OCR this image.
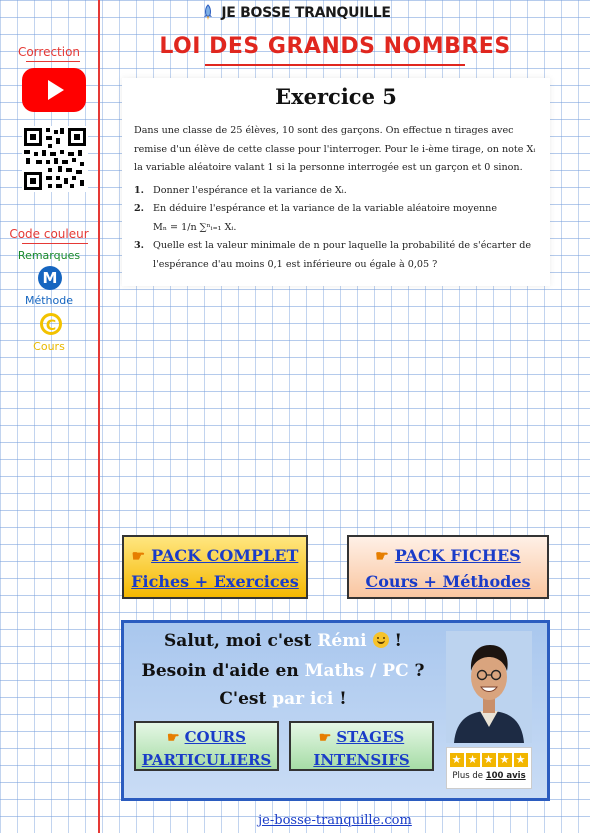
JE BOSSE TRANQUILLE
LOI DES GRANDS NOMBRES
Correction
Code couleur
Remarques
M
Méthode
C
Cours
Exercice 5

Dans une classe de 25 élèves, 10 sont des garçons. On effectue n tirages avec remise d'un élève de cette classe pour l'interroger. Pour le i-ème tirage, on note Xᵢ la variable aléatoire valant 1 si la personne interrogée est un garçon et 0 sinon.

1. Donner l'espérance et la variance de Xᵢ.

2. En déduire l'espérance et la variance de la variable aléatoire moyenne

Mₙ = 1/n ∑ⁿᵢ₌₁ Xᵢ.

3. Quelle est la valeur minimale de n pour laquelle la probabilité de s'écarter de l'espérance d'au moins 0,1 est inférieure ou égale à 0,05 ?

☛ PACK COMPLET
Fiches + Exercices
☛ PACK FICHES
Cours + Méthodes
Salut, moi c'est Rémi  !
Besoin d'aide en Maths / PC ?
C'est par ici !
☛ COURS
PARTICULIERS
☛ STAGES
INTENSIFS	★ ★ ★ ★ ★
Plus de 100 avis
je-bosse-tranquille.com
